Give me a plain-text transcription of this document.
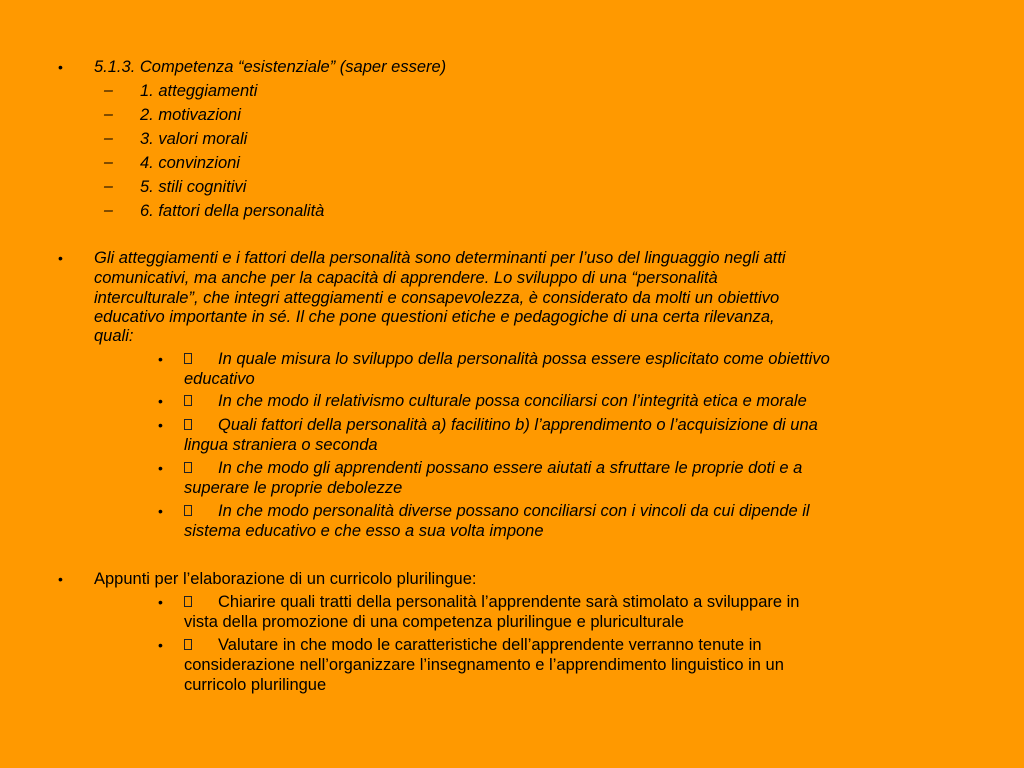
• 5.1.3. Competenza “esistenziale” (saper essere)
– 1. atteggiamenti
– 2. motivazioni
– 3. valori morali
– 4. convinzioni
– 5. stili cognitivi
– 6. fattori della personalità
• Gli atteggiamenti e i fattori della personalità sono determinanti per l’uso del linguaggio negli atti
comunicativi, ma anche per la capacità di apprendere. Lo sviluppo di una “personalità
interculturale”, che integri atteggiamenti e consapevolezza, è considerato da molti un obiettivo
educativo importante in sé. Il che pone questioni etiche e pedagogiche di una certa rilevanza,
quali:
•	In quale misura lo sviluppo della personalità possa essere esplicitato come obiettivo
educativo
•	In che modo il relativismo culturale possa conciliarsi con l’integrità etica e morale
•	Quali fattori della personalità a) facilitino b) l’apprendimento o l’acquisizione di una
lingua straniera o seconda
•	In che modo gli apprendenti possano essere aiutati a sfruttare le proprie doti e a
superare le proprie debolezze
•	In che modo personalità diverse possano conciliarsi con i vincoli da cui dipende il
sistema educativo e che esso a sua volta impone
• Appunti per l’elaborazione di un curricolo plurilingue:
•	Chiarire quali tratti della personalità l’apprendente sarà stimolato a sviluppare in
vista della promozione di una competenza plurilingue e pluriculturale
•	Valutare in che modo le caratteristiche dell’apprendente verranno tenute in
considerazione nell’organizzare l’insegnamento e l’apprendimento linguistico in un
curricolo plurilingue
